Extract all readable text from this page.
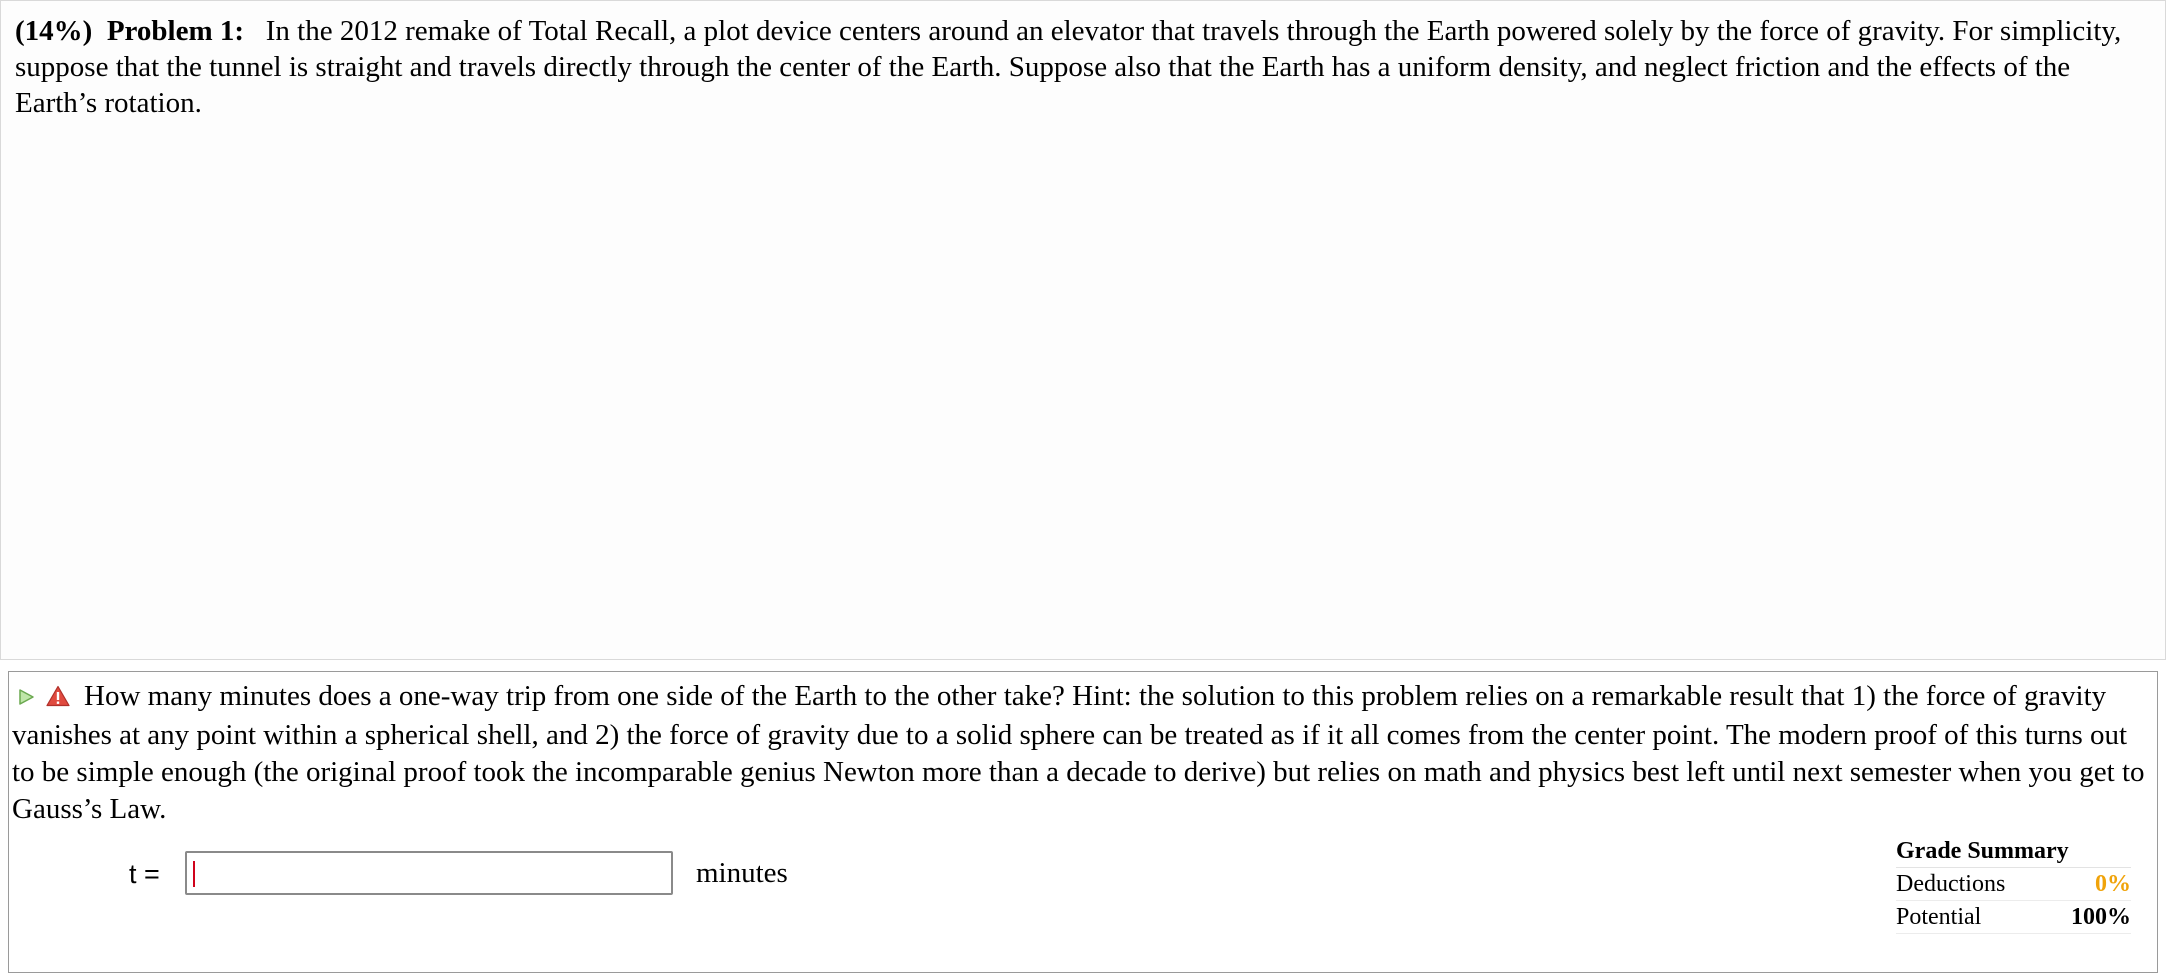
(14%) Problem 1: In the 2012 remake of Total Recall, a plot device centers around an elevator that travels through the Earth powered solely by the force of gravity. For simplicity, suppose that the tunnel is straight and travels directly through the center of the Earth. Suppose also that the Earth has a uniform density, and neglect friction and the effects of the Earth’s rotation.
How many minutes does a one-way trip from one side of the Earth to the other take? Hint: the solution to this problem relies on a remarkable result that 1) the force of gravity vanishes at any point within a spherical shell, and 2) the force of gravity due to a solid sphere can be treated as if it all comes from the center point. The modern proof of this turns out to be simple enough (the original proof took the incomparable genius Newton more than a decade to derive) but relies on math and physics best left until next semester when you get to Gauss’s Law.
t =	minutes
Grade Summary
Deductions	0%
Potential	100%
